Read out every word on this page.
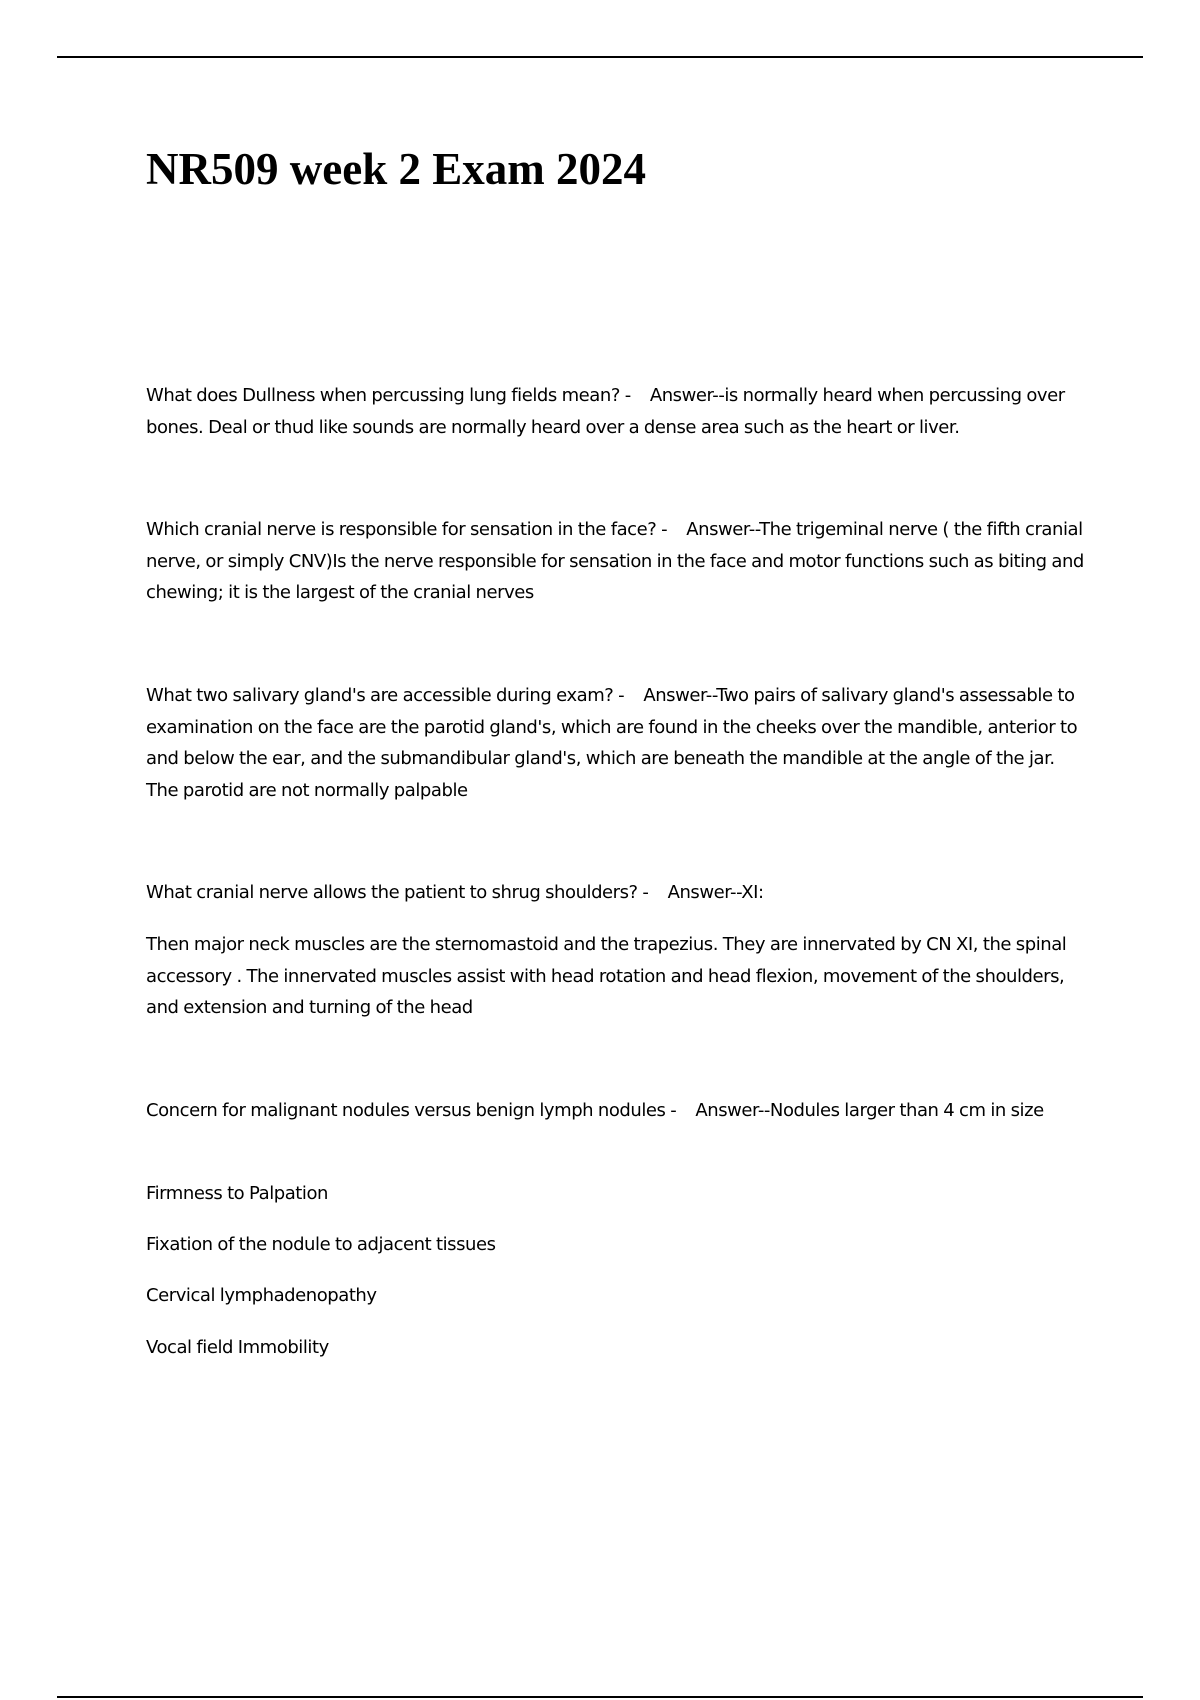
NR509 week 2 Exam 2024

What does Dullness when percussing lung fields mean? - Answer--is normally heard when percussing over bones. Deal or thud like sounds are normally heard over a dense area such as the heart or liver.

Which cranial nerve is responsible for sensation in the face? - Answer--The trigeminal nerve ( the fifth cranial nerve, or simply CNV)Is the nerve responsible for sensation in the face and motor functions such as biting and chewing; it is the largest of the cranial nerves

What two salivary gland's are accessible during exam? - Answer--Two pairs of salivary gland's assessable to examination on the face are the parotid gland's, which are found in the cheeks over the mandible, anterior to and below the ear, and the submandibular gland's, which are beneath the mandible at the angle of the jar. The parotid are not normally palpable

What cranial nerve allows the patient to shrug shoulders? - Answer--XI:

Then major neck muscles are the sternomastoid and the trapezius. They are innervated by CN XI, the spinal accessory . The innervated muscles assist with head rotation and head flexion, movement of the shoulders, and extension and turning of the head

Concern for malignant nodules versus benign lymph nodules - Answer--Nodules larger than 4 cm in size

Firmness to Palpation

Fixation of the nodule to adjacent tissues

Cervical lymphadenopathy

Vocal field Immobility
